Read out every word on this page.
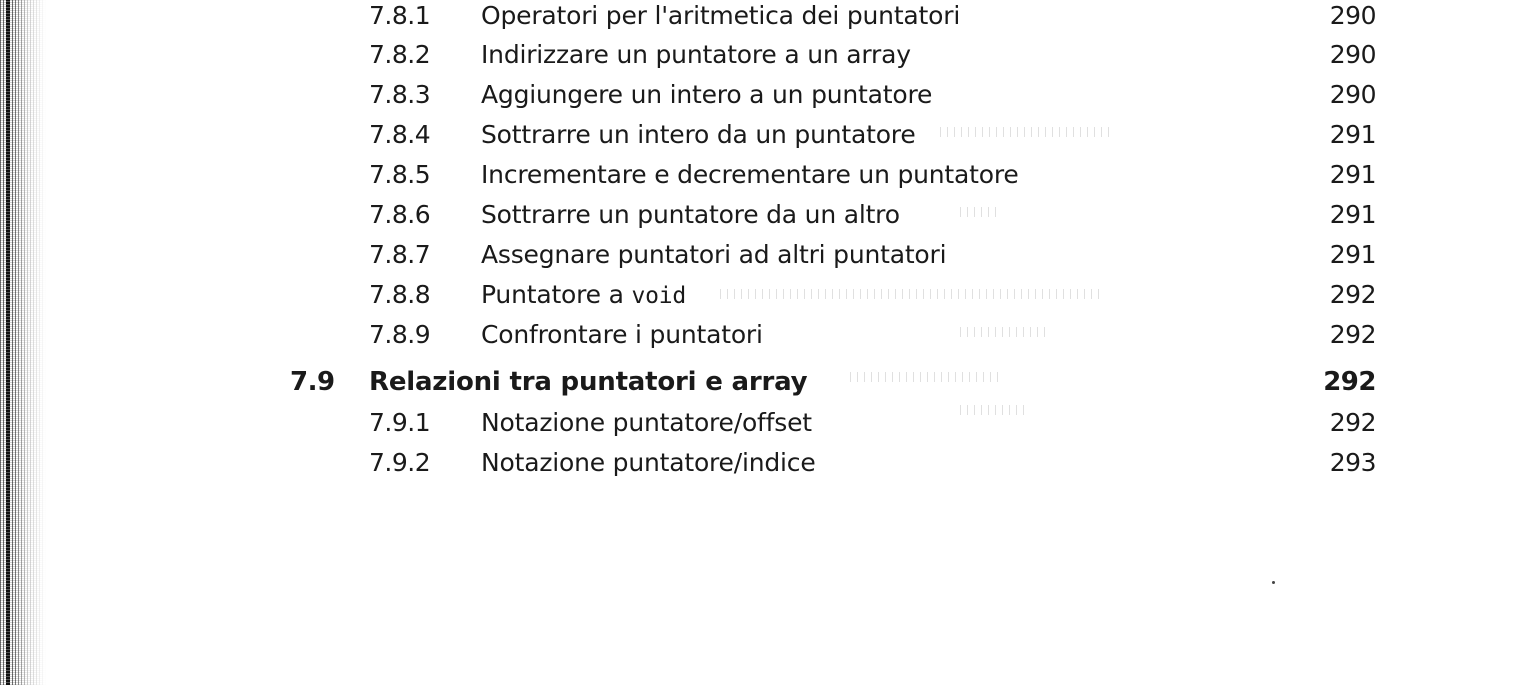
7.8.1 Operatori per l'aritmetica dei puntatori	290
7.8.2 Indirizzare un puntatore a un array	290
7.8.3 Aggiungere un intero a un puntatore	290
7.8.4 Sottrarre un intero da un puntatore	291
7.8.5 Incrementare e decrementare un puntatore	291
7.8.6 Sottrarre un puntatore da un altro	291
7.8.7 Assegnare puntatori ad altri puntatori	291
7.8.8 Puntatore a void	292
7.8.9 Confrontare i puntatori	292
7.9 Relazioni tra puntatori e array	292
7.9.1 Notazione puntatore/offset	292
7.9.2 Notazione puntatore/indice	293
